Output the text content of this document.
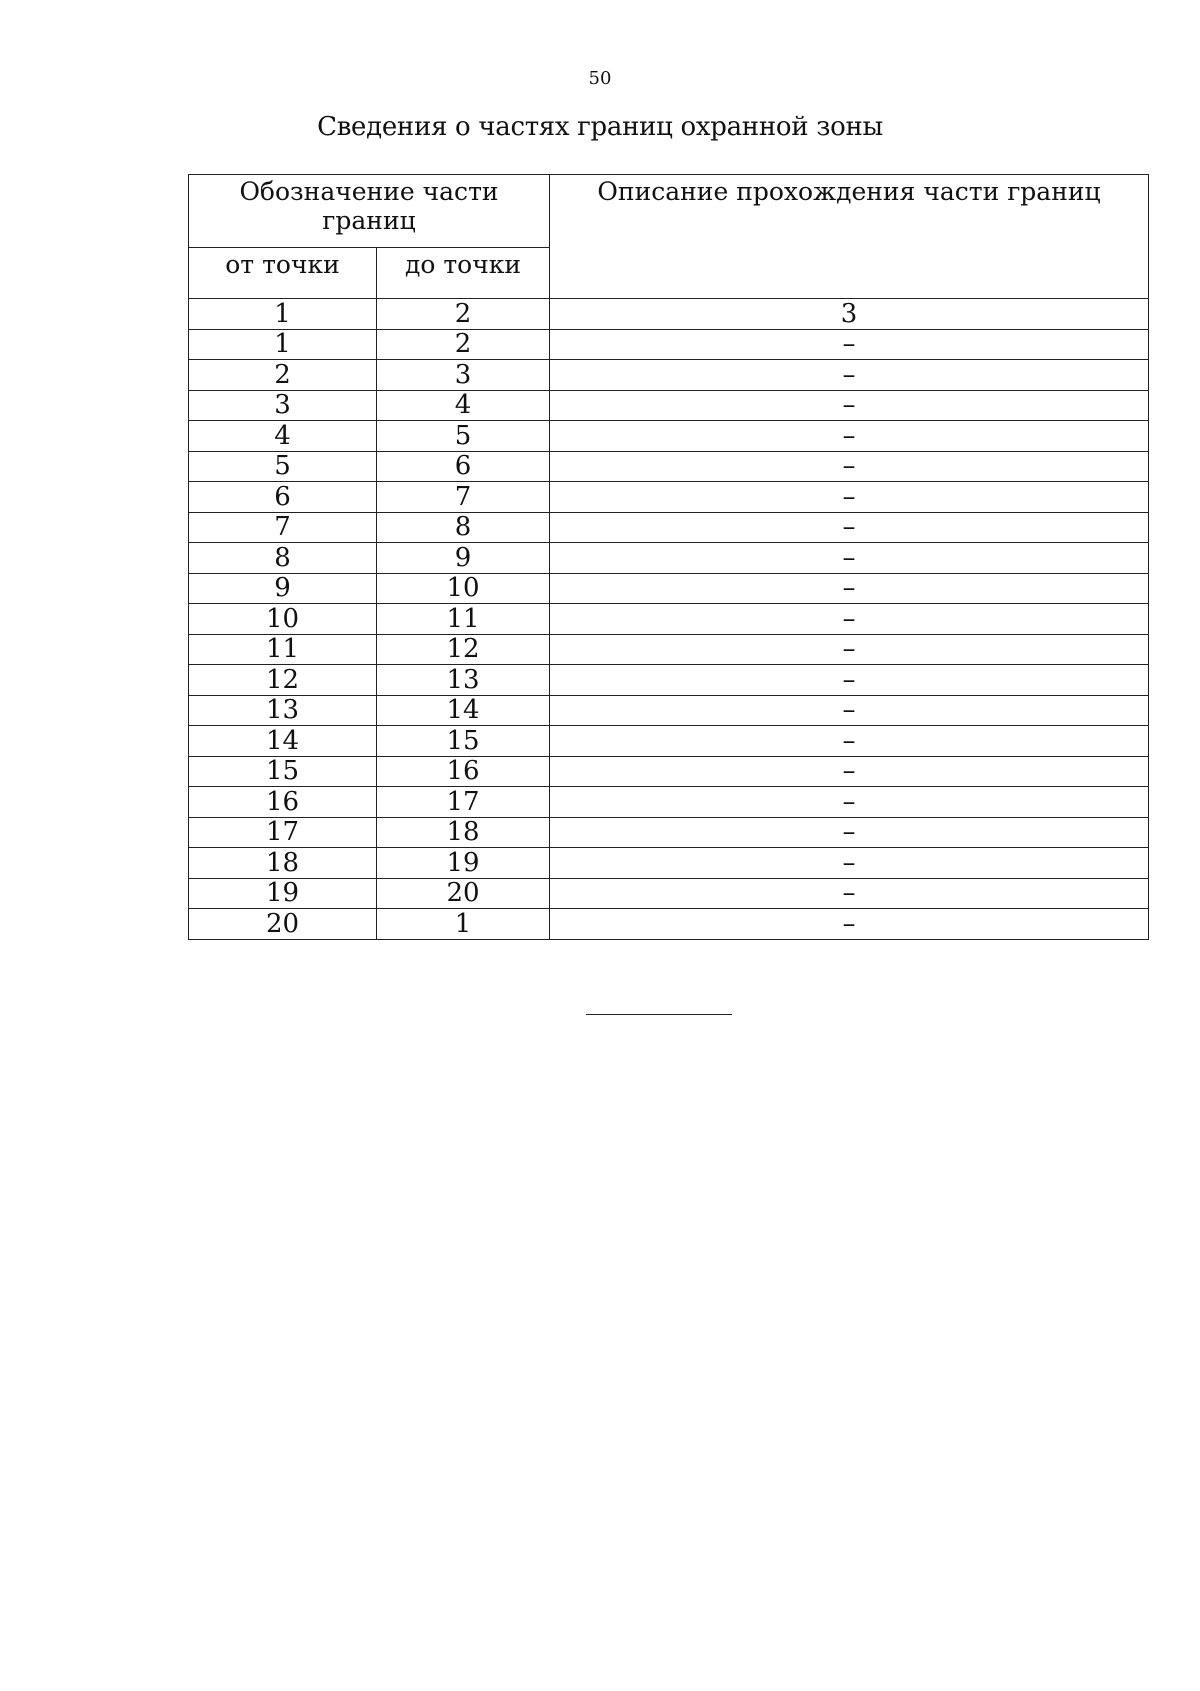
50
Сведения о частях границ охранной зоны
Обозначение части границ		Описание прохождения части границ
от точки	до точки	
1	2	3
1	2	–
2	3	–
3	4	–
4	5	–
5	6	–
6	7	–
7	8	–
8	9	–
9	10	–
10	11	–
11	12	–
12	13	–
13	14	–
14	15	–
15	16	–
16	17	–
17	18	–
18	19	–
19	20	–
20	1	–
